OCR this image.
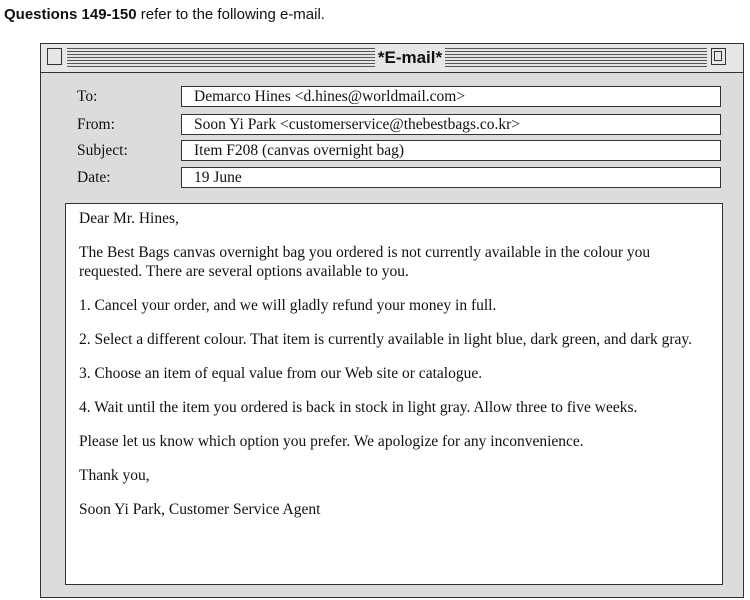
Questions 149-150 refer to the following e-mail.
*E-mail*
To:	Demarco Hines <d.hines@worldmail.com>
From:	Soon Yi Park <customerservice@thebestbags.co.kr>
Subject:	Item F208 (canvas overnight bag)
Date:	19 June

Dear Mr. Hines,

The Best Bags canvas overnight bag you ordered is not currently available in the colour you requested. There are several options available to you.

1. Cancel your order, and we will gladly refund your money in full.

2. Select a different colour. That item is currently available in light blue, dark green, and dark gray.

3. Choose an item of equal value from our Web site or catalogue.

4. Wait until the item you ordered is back in stock in light gray. Allow three to five weeks.

Please let us know which option you prefer. We apologize for any inconvenience.

Thank you,

Soon Yi Park, Customer Service Agent
